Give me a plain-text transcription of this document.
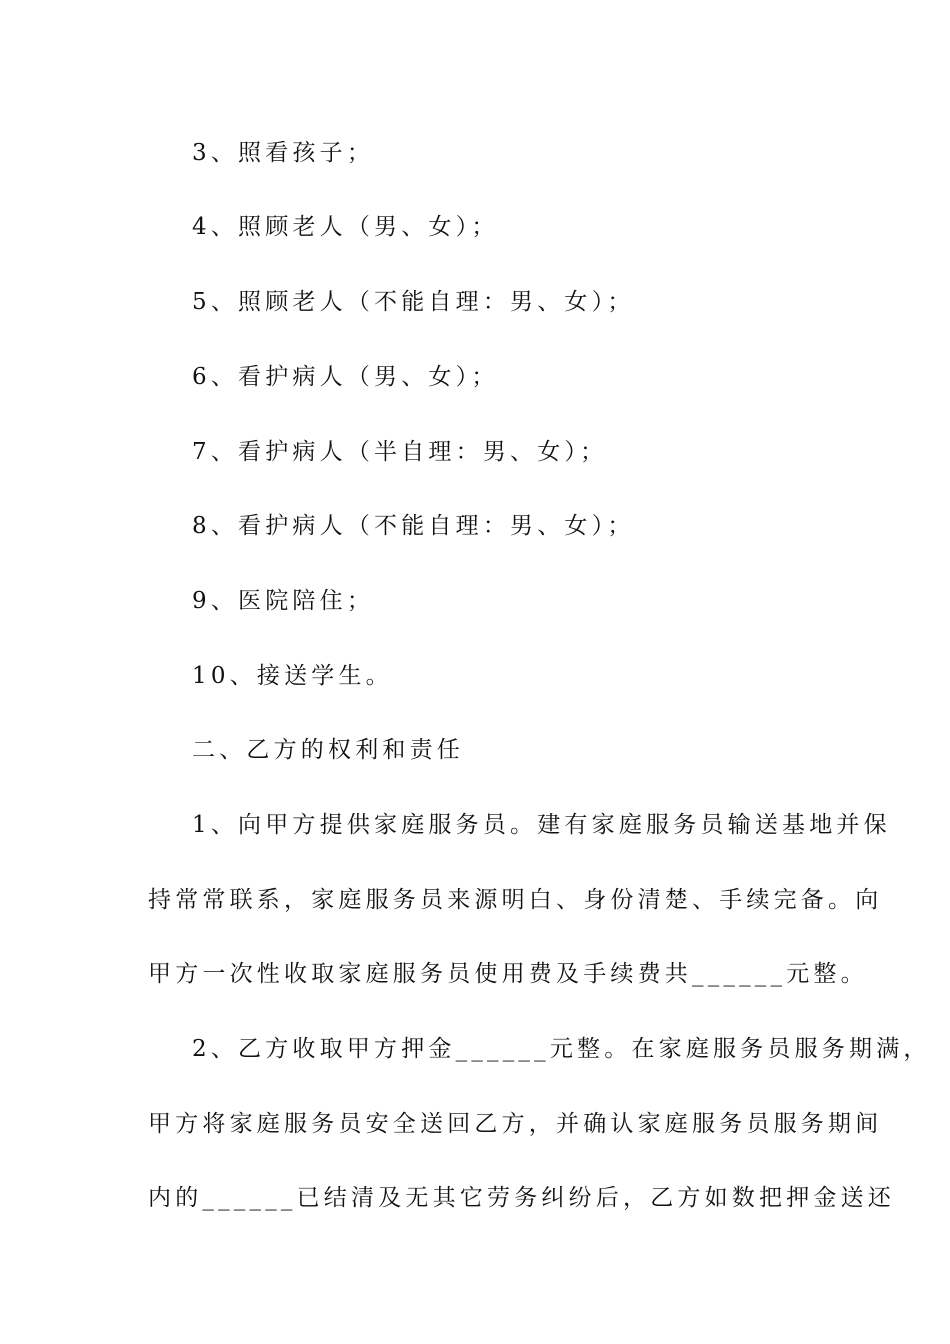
3、照看孩子；
4、照顾老人（男、女）；
5、照顾老人（不能自理：男、女）；
6、看护病人（男、女）；
7、看护病人（半自理：男、女）；
8、看护病人（不能自理：男、女）；
9、医院陪住；
10、接送学生。
二、乙方的权利和责任
1、向甲方提供家庭服务员。建有家庭服务员输送基地并保
持常常联系，家庭服务员来源明白、身份清楚、手续完备。向
甲方一次性收取家庭服务员使用费及手续费共______元整。
2、乙方收取甲方押金______元整。在家庭服务员服务期满，
甲方将家庭服务员安全送回乙方，并确认家庭服务员服务期间
内的______已结清及无其它劳务纠纷后，乙方如数把押金送还
